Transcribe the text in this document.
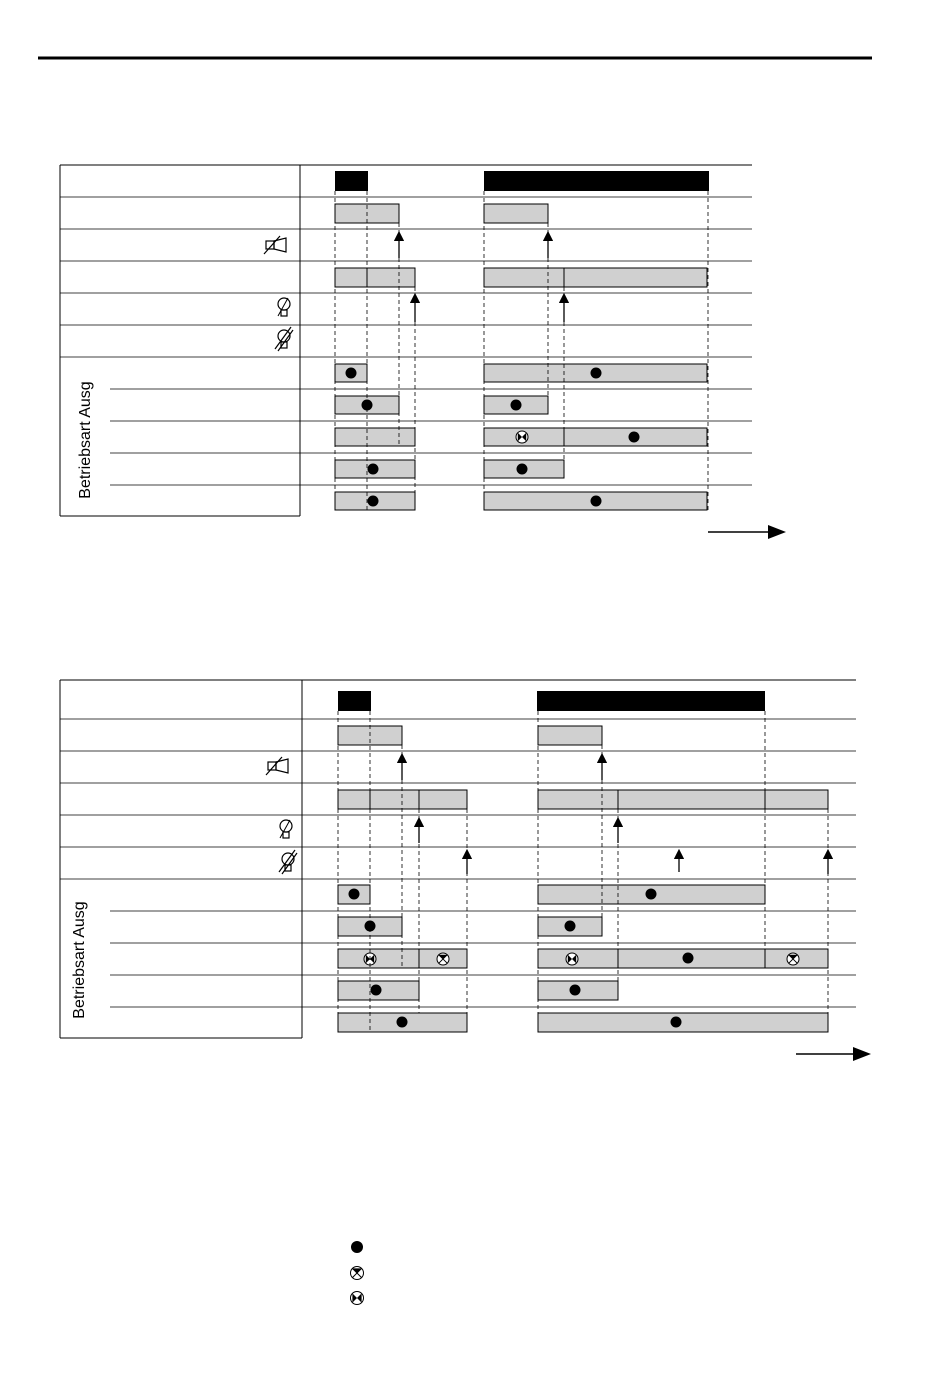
Betriebsart Ausg
Betriebsart Ausg
